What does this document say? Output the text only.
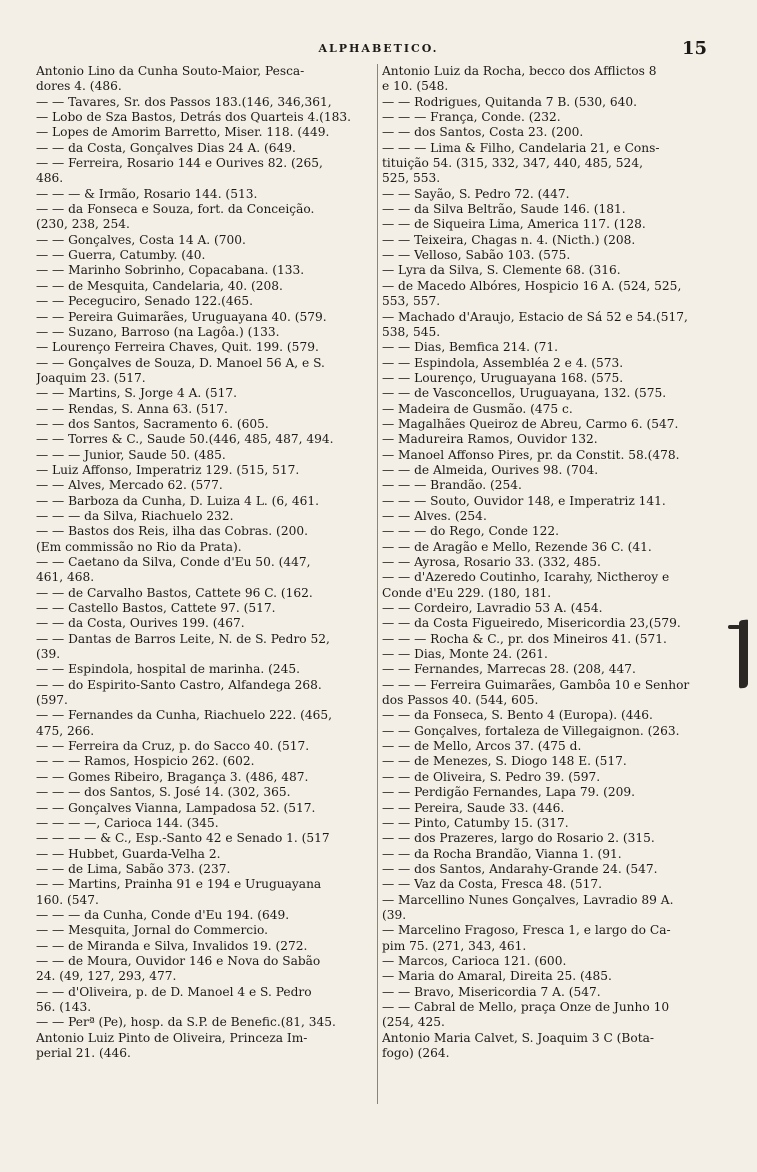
ALPHABETICO.	15
Antonio Lino da Cunha Souto-Maior, Pesca-
dores 4. (486.
— — Tavares, Sr. dos Passos 183.(146, 346,361,
— Lobo de Sza Bastos, Detrás dos Quarteis 4.(183.
— Lopes de Amorim Barretto, Miser. 118. (449.
— — da Costa, Gonçalves Dias 24 A. (649.
— — Ferreira, Rosario 144 e Ourives 82. (265,
486.
— — — & Irmão, Rosario 144. (513.
— — da Fonseca e Souza, fort. da Conceição.
(230, 238, 254.
— — Gonçalves, Costa 14 A. (700.
— — Guerra, Catumby. (40.
— — Marinho Sobrinho, Copacabana. (133.
— — de Mesquita, Candelaria, 40. (208.
— — Peceguciro, Senado 122.(465.
— — Pereira Guimarães, Uruguayana 40. (579.
— — Suzano, Barroso (na Lagôa.) (133.
— Lourenço Ferreira Chaves, Quit. 199. (579.
— — Gonçalves de Souza, D. Manoel 56 A, e S.
Joaquim 23. (517.
— — Martins, S. Jorge 4 A. (517.
— — Rendas, S. Anna 63. (517.
— — dos Santos, Sacramento 6. (605.
— — Torres & C., Saude 50.(446, 485, 487, 494.
— — — Junior, Saude 50. (485.
— Luiz Affonso, Imperatriz 129. (515, 517.
— — Alves, Mercado 62. (577.
— — Barboza da Cunha, D. Luiza 4 L. (6, 461.
— — — da Silva, Riachuelo 232.
— — Bastos dos Reis, ilha das Cobras. (200.
(Em commissão no Rio da Prata).
— — Caetano da Silva, Conde d'Eu 50. (447,
461, 468.
— — de Carvalho Bastos, Cattete 96 C. (162.
— — Castello Bastos, Cattete 97. (517.
— — da Costa, Ourives 199. (467.
— — Dantas de Barros Leite, N. de S. Pedro 52,
(39.
— — Espindola, hospital de marinha. (245.
— — do Espirito-Santo Castro, Alfandega 268.
(597.
— — Fernandes da Cunha, Riachuelo 222. (465,
475, 266.
— — Ferreira da Cruz, p. do Sacco 40. (517.
— — — Ramos, Hospicio 262. (602.
— — Gomes Ribeiro, Bragança 3. (486, 487.
— — — dos Santos, S. José 14. (302, 365.
— — Gonçalves Vianna, Lampadosa 52. (517.
— — — —, Carioca 144. (345.
— — — — & C., Esp.-Santo 42 e Senado 1. (517
— — Hubbet, Guarda-Velha 2.
— — de Lima, Sabão 373. (237.
— — Martins, Prainha 91 e 194 e Uruguayana
160. (547.
— — — da Cunha, Conde d'Eu 194. (649.
— — Mesquita, Jornal do Commercio.
— — de Miranda e Silva, Invalidos 19. (272.
— — de Moura, Ouvidor 146 e Nova do Sabão
24. (49, 127, 293, 477.
— — d'Oliveira, p. de D. Manoel 4 e S. Pedro
56. (143.
— — Perª (Pe), hosp. da S.P. de Benefic.(81, 345.
Antonio Luiz Pinto de Oliveira, Princeza Im-
perial 21. (446.
Antonio Luiz da Rocha, becco dos Afflictos 8
e 10. (548.
— — Rodrigues, Quitanda 7 B. (530, 640.
— — — França, Conde. (232.
— — dos Santos, Costa 23. (200.
— — — Lima & Filho, Candelaria 21, e Cons-
tituição 54. (315, 332, 347, 440, 485, 524,
525, 553.
— — Sayão, S. Pedro 72. (447.
— — da Silva Beltrão, Saude 146. (181.
— — de Siqueira Lima, America 117. (128.
— — Teixeira, Chagas n. 4. (Nicth.) (208.
— — Velloso, Sabão 103. (575.
— Lyra da Silva, S. Clemente 68. (316.
— de Macedo Albóres, Hospicio 16 A. (524, 525,
553, 557.
— Machado d'Araujo, Estacio de Sá 52 e 54.(517,
538, 545.
— — Dias, Bemfica 214. (71.
— — Espindola, Assembléa 2 e 4. (573.
— — Lourenço, Uruguayana 168. (575.
— — de Vasconcellos, Uruguayana, 132. (575.
— Madeira de Gusmão. (475 c.
— Magalhães Queiroz de Abreu, Carmo 6. (547.
— Madureira Ramos, Ouvidor 132.
— Manoel Affonso Pires, pr. da Constit. 58.(478.
— — de Almeida, Ourives 98. (704.
— — — Brandão. (254.
— — — Souto, Ouvidor 148, e Imperatriz 141.
— — Alves. (254.
— — — do Rego, Conde 122.
— — de Aragão e Mello, Rezende 36 C. (41.
— — Ayrosa, Rosario 33. (332, 485.
— — d'Azeredo Coutinho, Icarahy, Nictheroy e
Conde d'Eu 229. (180, 181.
— — Cordeiro, Lavradio 53 A. (454.
— — da Costa Figueiredo, Misericordia 23,(579.
— — — Rocha & C., pr. dos Mineiros 41. (571.
— — Dias, Monte 24. (261.
— — Fernandes, Marrecas 28. (208, 447.
— — — Ferreira Guimarães, Gambôa 10 e Senhor
dos Passos 40. (544, 605.
— — da Fonseca, S. Bento 4 (Europa). (446.
— — Gonçalves, fortaleza de Villegaignon. (263.
— — de Mello, Arcos 37. (475 d.
— — de Menezes, S. Diogo 148 E. (517.
— — de Oliveira, S. Pedro 39. (597.
— — Perdigão Fernandes, Lapa 79. (209.
— — Pereira, Saude 33. (446.
— — Pinto, Catumby 15. (317.
— — dos Prazeres, largo do Rosario 2. (315.
— — da Rocha Brandão, Vianna 1. (91.
— — dos Santos, Andarahy-Grande 24. (547.
— — Vaz da Costa, Fresca 48. (517.
— Marcellino Nunes Gonçalves, Lavradio 89 A.
(39.
— Marcelino Fragoso, Fresca 1, e largo do Ca-
pim 75. (271, 343, 461.
— Marcos, Carioca 121. (600.
— Maria do Amaral, Direita 25. (485.
— — Bravo, Misericordia 7 A. (547.
— — Cabral de Mello, praça Onze de Junho 10
(254, 425.
Antonio Maria Calvet, S. Joaquim 3 C (Bota-
fogo) (264.
